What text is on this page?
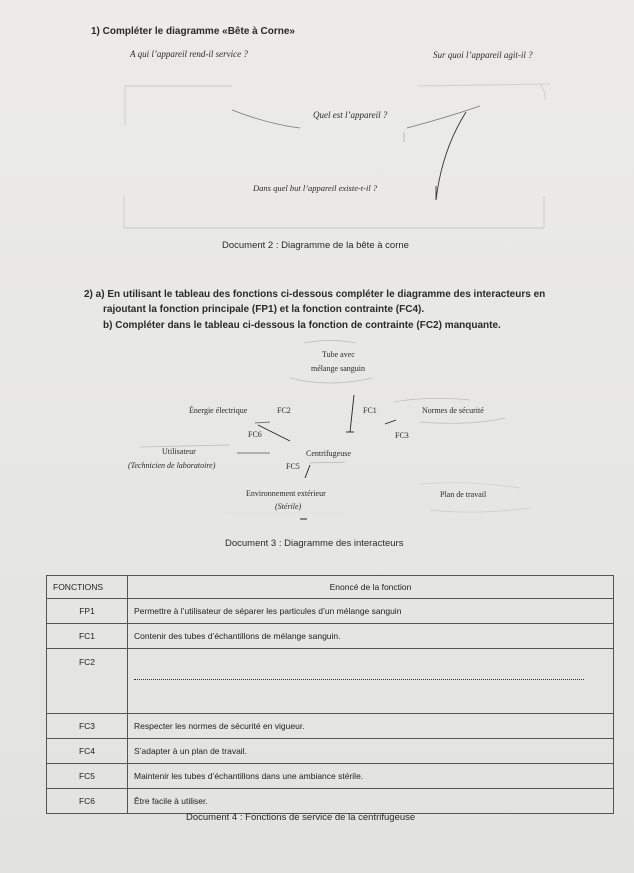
1) Compléter le diagramme «Bête à Corne»
A qui l’appareil rend-il service ?	Sur quoi l’appareil agit-il ?
Quel est l’appareil ?
Dans quel but l’appareil existe-t-il ?
Document 2 : Diagramme de la bête à corne
2) a) En utilisant le tableau des fonctions ci-dessous compléter le diagramme des interacteurs en
rajoutant la fonction principale (FP1) et la fonction contrainte (FC4).
b) Compléter dans le tableau ci-dessous la fonction de contrainte (FC2) manquante.
Tube avec
mélange sanguin
Énergie électrique	FC2	FC1	Normes de sécurité
FC6	FC3
Utilisateur
(Technicien de laboratoire)
Centrifugeuse
FC5
Environnement extérieur
(Stérile)
Plan de travail
Document 3 : Diagramme des interacteurs
FONCTIONS	Enoncé de la fonction
FP1	Permettre à l’utilisateur de séparer les particules d’un mélange sanguin
FC1	Contenir des tubes d’échantillons de mélange sanguin.
FC2	

FC3	Respecter les normes de sécurité en vigueur.
FC4	S’adapter à un plan de travail.
FC5	Maintenir les tubes d’échantillons dans une ambiance stérile.
FC6	Être facile à utiliser.
Document 4 : Fonctions de service de la centrifugeuse
